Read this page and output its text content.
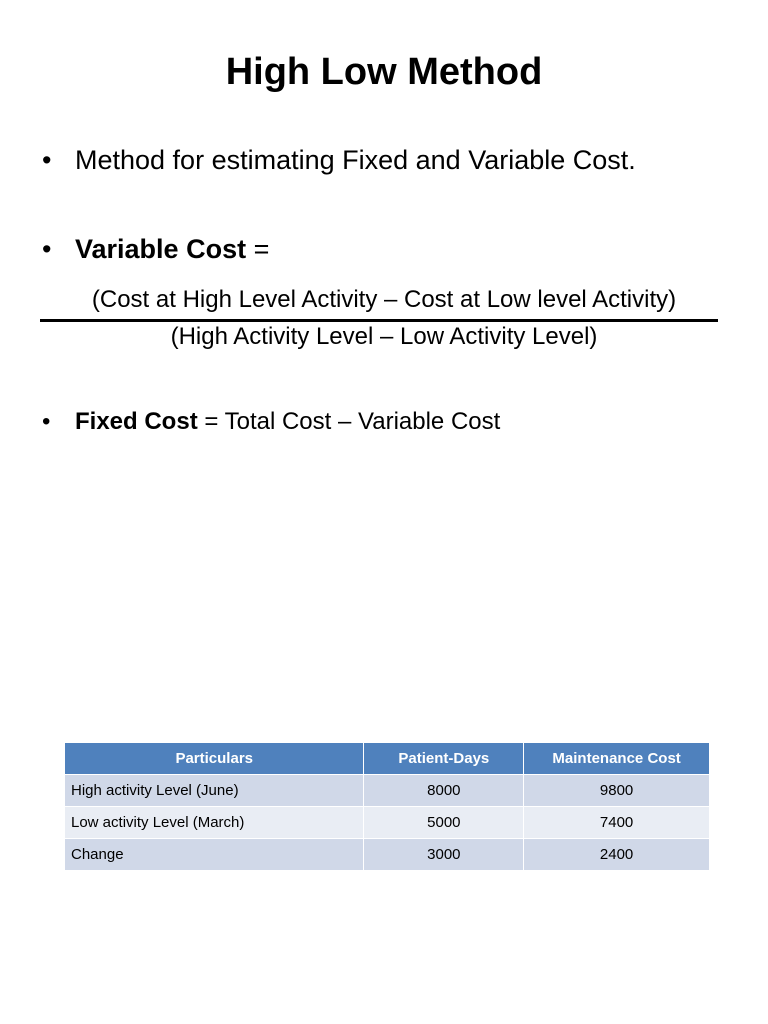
High Low Method
• Method for estimating Fixed and Variable Cost.
• Variable Cost =
(Cost at High Level Activity – Cost at Low level Activity)
(High Activity Level – Low Activity Level)
•	Fixed Cost = Total Cost – Variable Cost
Particulars	Patient-Days	Maintenance Cost
High activity Level (June)	8000	9800
Low activity Level (March)	5000	7400
Change	3000	2400
